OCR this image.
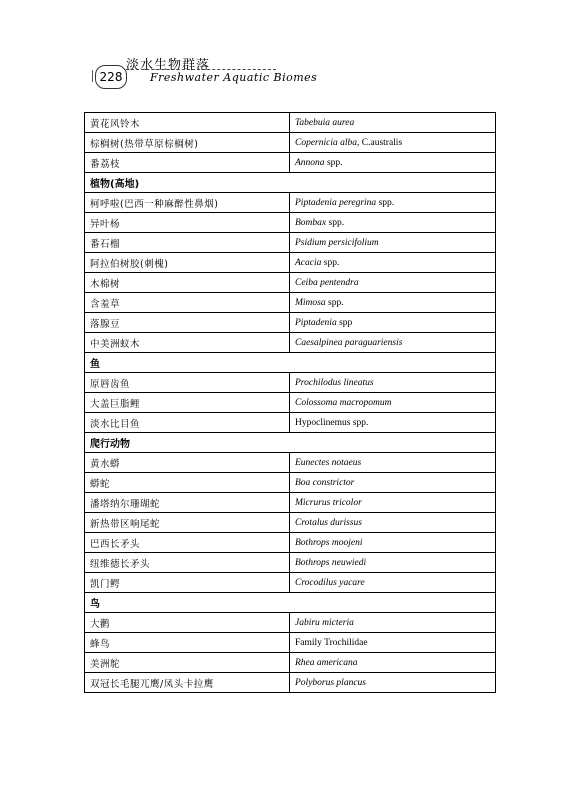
228
淡水生物群落
Freshwater Aquatic Biomes
黄花风铃木	Tabebuia aurea
棕榈树(热带草原棕榈树)	Copernicia alba, C.australis
番荔枝	Annona spp.
植物(高地)	
柯呼啦(巴西一种麻醉性鼻烟)	Piptadenia peregrina spp.
异叶杨	Bombax spp.
番石榴	Psidium persicifolium
阿拉伯树胶(刺槐)	Acacia spp.
木棉树	Ceiba pentendra
含羞草	Mimosa spp.
落腺豆	Piptadenia spp
中美洲蚁木	Caesalpinea paraguariensis
鱼	
原唇齿鱼	Prochilodus lineatus
大盖巨脂鲤	Colossoma macropomum
淡水比目鱼	Hypoclinemus spp.
爬行动物	
黄水蟒	Eunectes notaeus
蟒蛇	Boa constrictor
潘塔纳尔珊瑚蛇	Micrurus tricolor
新热带区响尾蛇	Crotalus durissus
巴西长矛头	Bothrops moojeni
纽维德长矛头	Bothrops neuwiedi
凯门鳄	Crocodilus yacare
鸟	
大鹳	Jabiru micteria
蜂鸟	Family Trochilidae
美洲鸵	Rhea americana
双冠长毛腿兀鹰/凤头卡拉鹰	Polyborus plancus
